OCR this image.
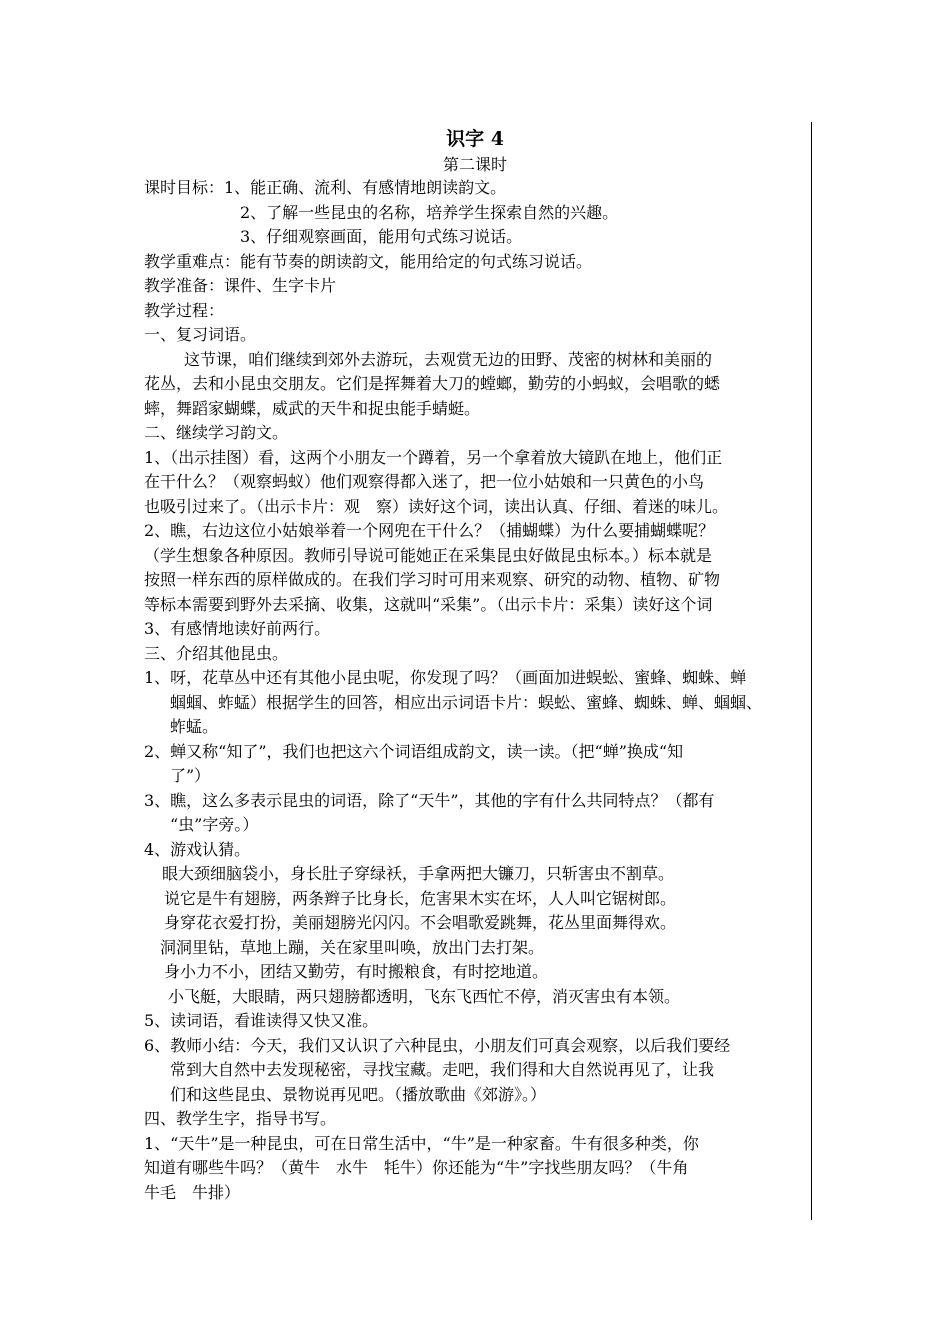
识字 4
第二课时

课时目标：1、能正确、流利、有感情地朗读韵文。

2、了解一些昆虫的名称，培养学生探索自然的兴趣。

3、仔细观察画面，能用句式练习说话。

教学重难点：能有节奏的朗读韵文，能用给定的句式练习说话。

教学准备：课件、生字卡片

教学过程：

一、复习词语。

这节课，咱们继续到郊外去游玩，去观赏无边的田野、茂密的树林和美丽的

花丛，去和小昆虫交朋友。它们是挥舞着大刀的螳螂，勤劳的小蚂蚁，会唱歌的蟋

蟀，舞蹈家蝴蝶，威武的天牛和捉虫能手蜻蜓。

二、继续学习韵文。

1、（出示挂图）看，这两个小朋友一个蹲着，另一个拿着放大镜趴在地上，他们正

在干什么？（观察蚂蚁）他们观察得都入迷了，把一位小姑娘和一只黄色的小鸟

也吸引过来了。（出示卡片：观　察）读好这个词，读出认真、仔细、着迷的味儿。

2、瞧，右边这位小姑娘举着一个网兜在干什么？（捕蝴蝶）为什么要捕蝴蝶呢？

（学生想象各种原因。教师引导说可能她正在采集昆虫好做昆虫标本。）标本就是

按照一样东西的原样做成的。在我们学习时可用来观察、研究的动物、植物、矿物

等标本需要到野外去采摘、收集，这就叫“采集”。（出示卡片：采集）读好这个词

3、有感情地读好前两行。

三、介绍其他昆虫。

1、呀，花草丛中还有其他小昆虫呢，你发现了吗？（画面加进蜈蚣、蜜蜂、蜘蛛、蝉

蝈蝈、蚱蜢）根据学生的回答，相应出示词语卡片：蜈蚣、蜜蜂、蜘蛛、蝉、蝈蝈、

蚱蜢。

2、蝉又称“知了”，我们也把这六个词语组成韵文，读一读。（把“蝉”换成“知

了”）

3、瞧，这么多表示昆虫的词语，除了“天牛”，其他的字有什么共同特点？（都有

“虫”字旁。）

4、游戏认猜。

眼大颈细脑袋小，身长肚子穿绿袄，手拿两把大镰刀，只斩害虫不割草。

说它是牛有翅膀，两条辫子比身长，危害果木实在坏，人人叫它锯树郎。

身穿花衣爱打扮，美丽翅膀光闪闪。不会唱歌爱跳舞，花丛里面舞得欢。

洞洞里钻，草地上蹦，关在家里叫唤，放出门去打架。

身小力不小，团结又勤劳，有时搬粮食，有时挖地道。

小飞艇，大眼睛，两只翅膀都透明，飞东飞西忙不停，消灭害虫有本领。

5、读词语，看谁读得又快又准。

6、教师小结：今天，我们又认识了六种昆虫，小朋友们可真会观察，以后我们要经

常到大自然中去发现秘密，寻找宝藏。走吧，我们得和大自然说再见了，让我

们和这些昆虫、景物说再见吧。（播放歌曲《郊游》。）

四、教学生字，指导书写。

1、“天牛”是一种昆虫，可在日常生活中，“牛”是一种家畜。牛有很多种类，你

知道有哪些牛吗？（黄牛　水牛　牦牛）你还能为“牛”字找些朋友吗？（牛角

牛毛　牛排）
